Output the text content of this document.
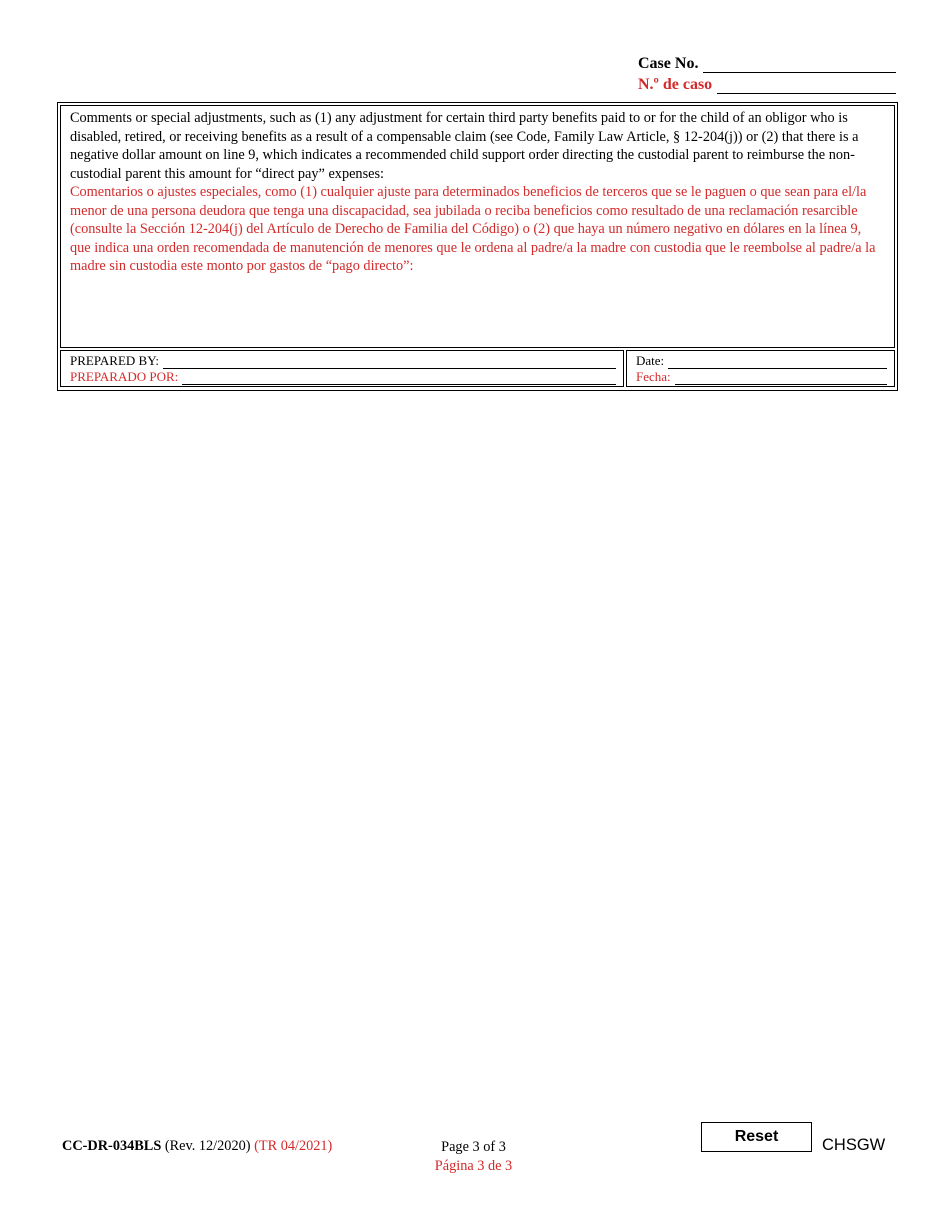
Case No.
N.º de caso

Comments or special adjustments, such as (1) any adjustment for certain third party benefits paid to or for the child of an obligor who is disabled, retired, or receiving benefits as a result of a compensable claim (see Code, Family Law Article, § 12-204(j)) or (2) that there is a negative dollar amount on line 9, which indicates a recommended child support order directing the custodial parent to reimburse the non-custodial parent this amount for “direct pay” expenses:

Comentarios o ajustes especiales, como (1) cualquier ajuste para determinados beneficios de terceros que se le paguen o que sean para el/la menor de una persona deudora que tenga una discapacidad, sea jubilada o reciba beneficios como resultado de una reclamación resarcible (consulte la Sección 12-204(j) del Artículo de Derecho de Familia del Código) o (2) que haya un número negativo en dólares en la línea 9, que indica una orden recomendada de manutención de menores que le ordena al padre/a la madre con custodia que le reembolse al padre/a la madre sin custodia este monto por gastos de “pago directo”:

PREPARED BY:
PREPARADO POR:
Date:
Fecha:
CC-DR-034BLS (Rev. 12/2020) (TR 04/2021)	Page 3 of 3
Página 3 de 3
Reset	CHSGW
